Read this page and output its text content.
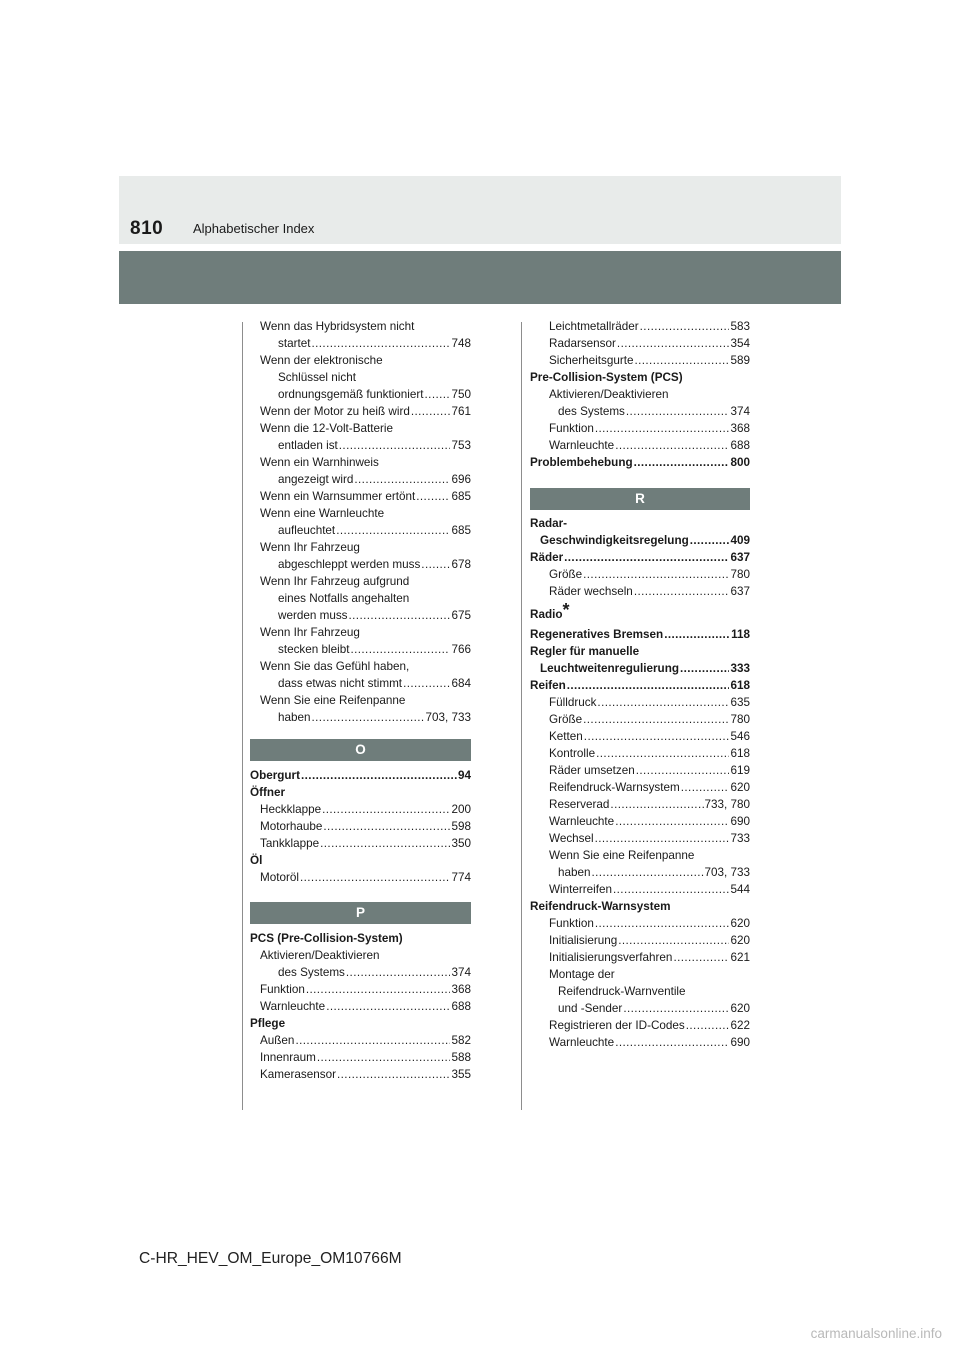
810 Alphabetischer Index
Wenn das Hybridsystem nicht
startet .....	748
Wenn der elektronische
Schlüssel nicht
ordnungsgemäß funktioniert ..... 750
Wenn der Motor zu heiß wird .....	761
Wenn die 12-Volt-Batterie
entladen ist .....	753
Wenn ein Warnhinweis
angezeigt wird .....	696
Wenn ein Warnsummer ertönt .....	685
Wenn eine Warnleuchte
aufleuchtet .....	685
Wenn Ihr Fahrzeug
abgeschleppt werden muss .....	678
Wenn Ihr Fahrzeug aufgrund
eines Notfalls angehalten
werden muss .....	675
Wenn Ihr Fahrzeug
stecken bleibt .....	766
Wenn Sie das Gefühl haben,
dass etwas nicht stimmt .....	684
Wenn Sie eine Reifenpanne
haben .....	703, 733
O
Obergurt .....	94
Öffner
Heckklappe .....	200
Motorhaube .....	598
Tankklappe .....	350
Öl
Motoröl .....	774
P
PCS (Pre-Collision-System)
Aktivieren/Deaktivieren
des Systems .....	374
Funktion .....	368
Warnleuchte .....	688
Pflege
Außen .....	582
Innenraum .....	588
Kamerasensor .....	355
Leichtmetallräder .....	583
Radarsensor .....	354
Sicherheitsgurte .....	589
Pre-Collision-System (PCS)
Aktivieren/Deaktivieren
des Systems .....	374
Funktion .....	368
Warnleuchte .....	688
Problembehebung .....	800
R
Radar-
Geschwindigkeitsregelung .....	409
Räder .....	637
Größe .....	780
Räder wechseln .....	637
Radio*
Regeneratives Bremsen .....	118
Regler für manuelle
Leuchtweitenregulierung .....	333
Reifen .....	618
Fülldruck .....	635
Größe .....	780
Ketten .....	546
Kontrolle .....	618
Räder umsetzen .....	619
Reifendruck-Warnsystem .....	620
Reserverad .....	733, 780
Warnleuchte .....	690
Wechsel .....	733
Wenn Sie eine Reifenpanne
haben .....	703, 733
Winterreifen .....	544
Reifendruck-Warnsystem
Funktion .....	620
Initialisierung .....	620
Initialisierungsverfahren .....	621
Montage der
Reifendruck-Warnventile
und -Sender .....	620
Registrieren der ID-Codes .....	622
Warnleuchte .....	690
C-HR_HEV_OM_Europe_OM10766M
carmanualsonline.info
